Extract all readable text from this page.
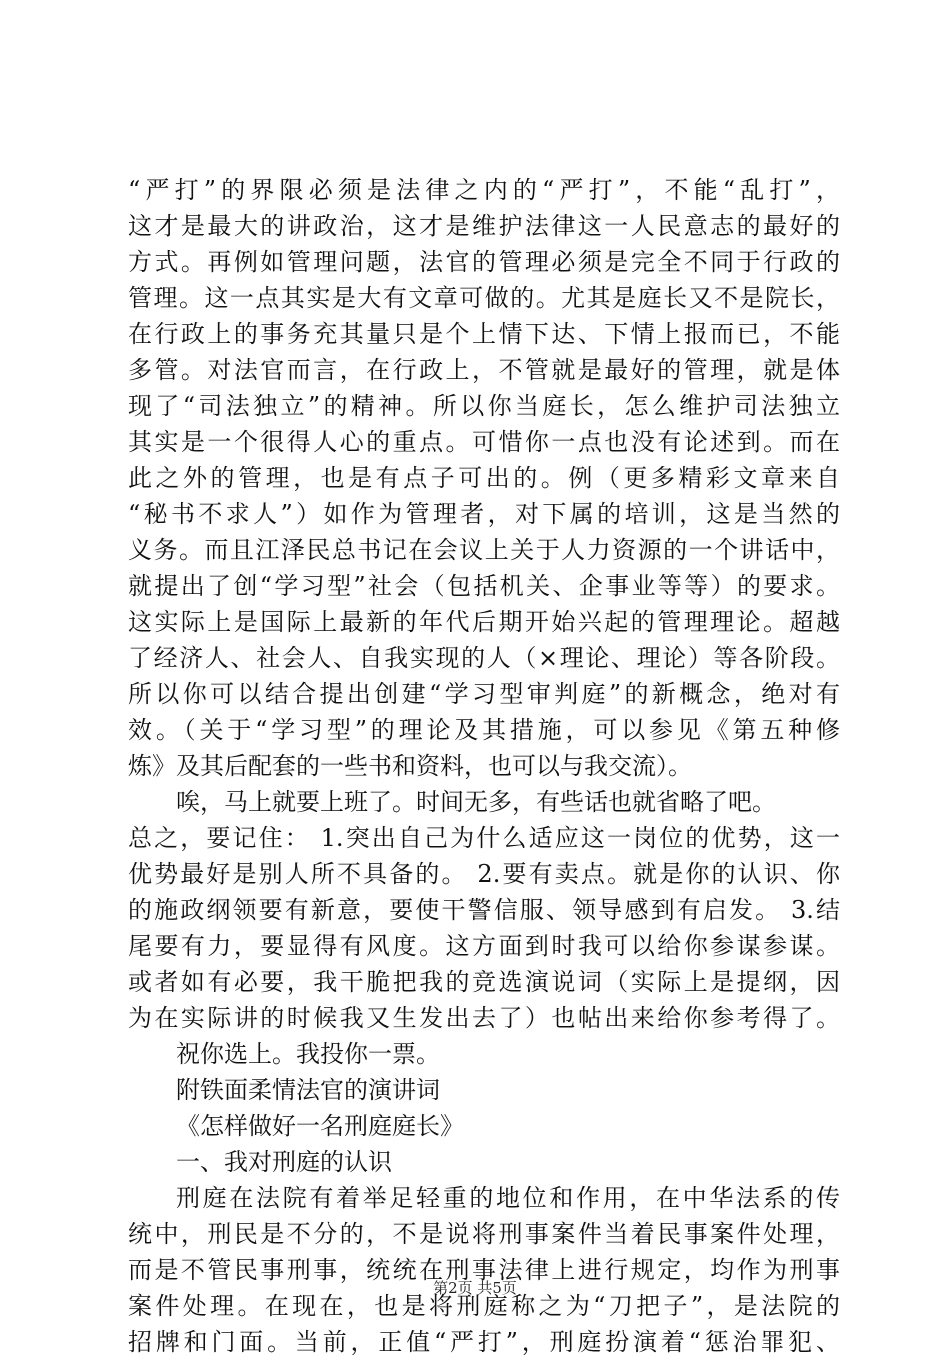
“严打”的界限必须是法律之内的“严打”，不能“乱打”，
这才是最大的讲政治，这才是维护法律这一人民意志的最好的
方式。再例如管理问题，法官的管理必须是完全不同于行政的
管理。这一点其实是大有文章可做的。尤其是庭长又不是院长，
在行政上的事务充其量只是个上情下达、下情上报而已，不能
多管。对法官而言，在行政上，不管就是最好的管理，就是体
现了“司法独立”的精神。所以你当庭长，怎么维护司法独立
其实是一个很得人心的重点。可惜你一点也没有论述到。而在
此之外的管理，也是有点子可出的。例（更多精彩文章来自
“秘书不求人”）如作为管理者，对下属的培训，这是当然的
义务。而且江泽民总书记在会议上关于人力资源的一个讲话中，
就提出了创“学习型”社会（包括机关、企事业等等）的要求。
这实际上是国际上最新的年代后期开始兴起的管理理论。超越
了经济人、社会人、自我实现的人（×理论、理论）等各阶段。
所以你可以结合提出创建“学习型审判庭”的新概念，绝对有
效。（关于“学习型”的理论及其措施，可以参见《第五种修
炼》及其后配套的一些书和资料，也可以与我交流）。
唉，马上就要上班了。时间无多，有些话也就省略了吧。
总之，要记住： 1.突出自己为什么适应这一岗位的优势，这一
优势最好是别人所不具备的。 2.要有卖点。就是你的认识、你
的施政纲领要有新意，要使干警信服、领导感到有启发。 3.结
尾要有力，要显得有风度。这方面到时我可以给你参谋参谋。
或者如有必要，我干脆把我的竞选演说词（实际上是提纲，因
为在实际讲的时候我又生发出去了）也帖出来给你参考得了。
祝你选上。我投你一票。
附铁面柔情法官的演讲词
《怎样做好一名刑庭庭长》
一、我对刑庭的认识
刑庭在法院有着举足轻重的地位和作用，在中华法系的传
统中，刑民是不分的，不是说将刑事案件当着民事案件处理，
而是不管民事刑事，统统在刑事法律上进行规定，均作为刑事
案件处理。在现在，也是将刑庭称之为“刀把子”，是法院的
招牌和门面。当前，正值“严打”，刑庭扮演着“惩治罪犯、
第2页 共5页
